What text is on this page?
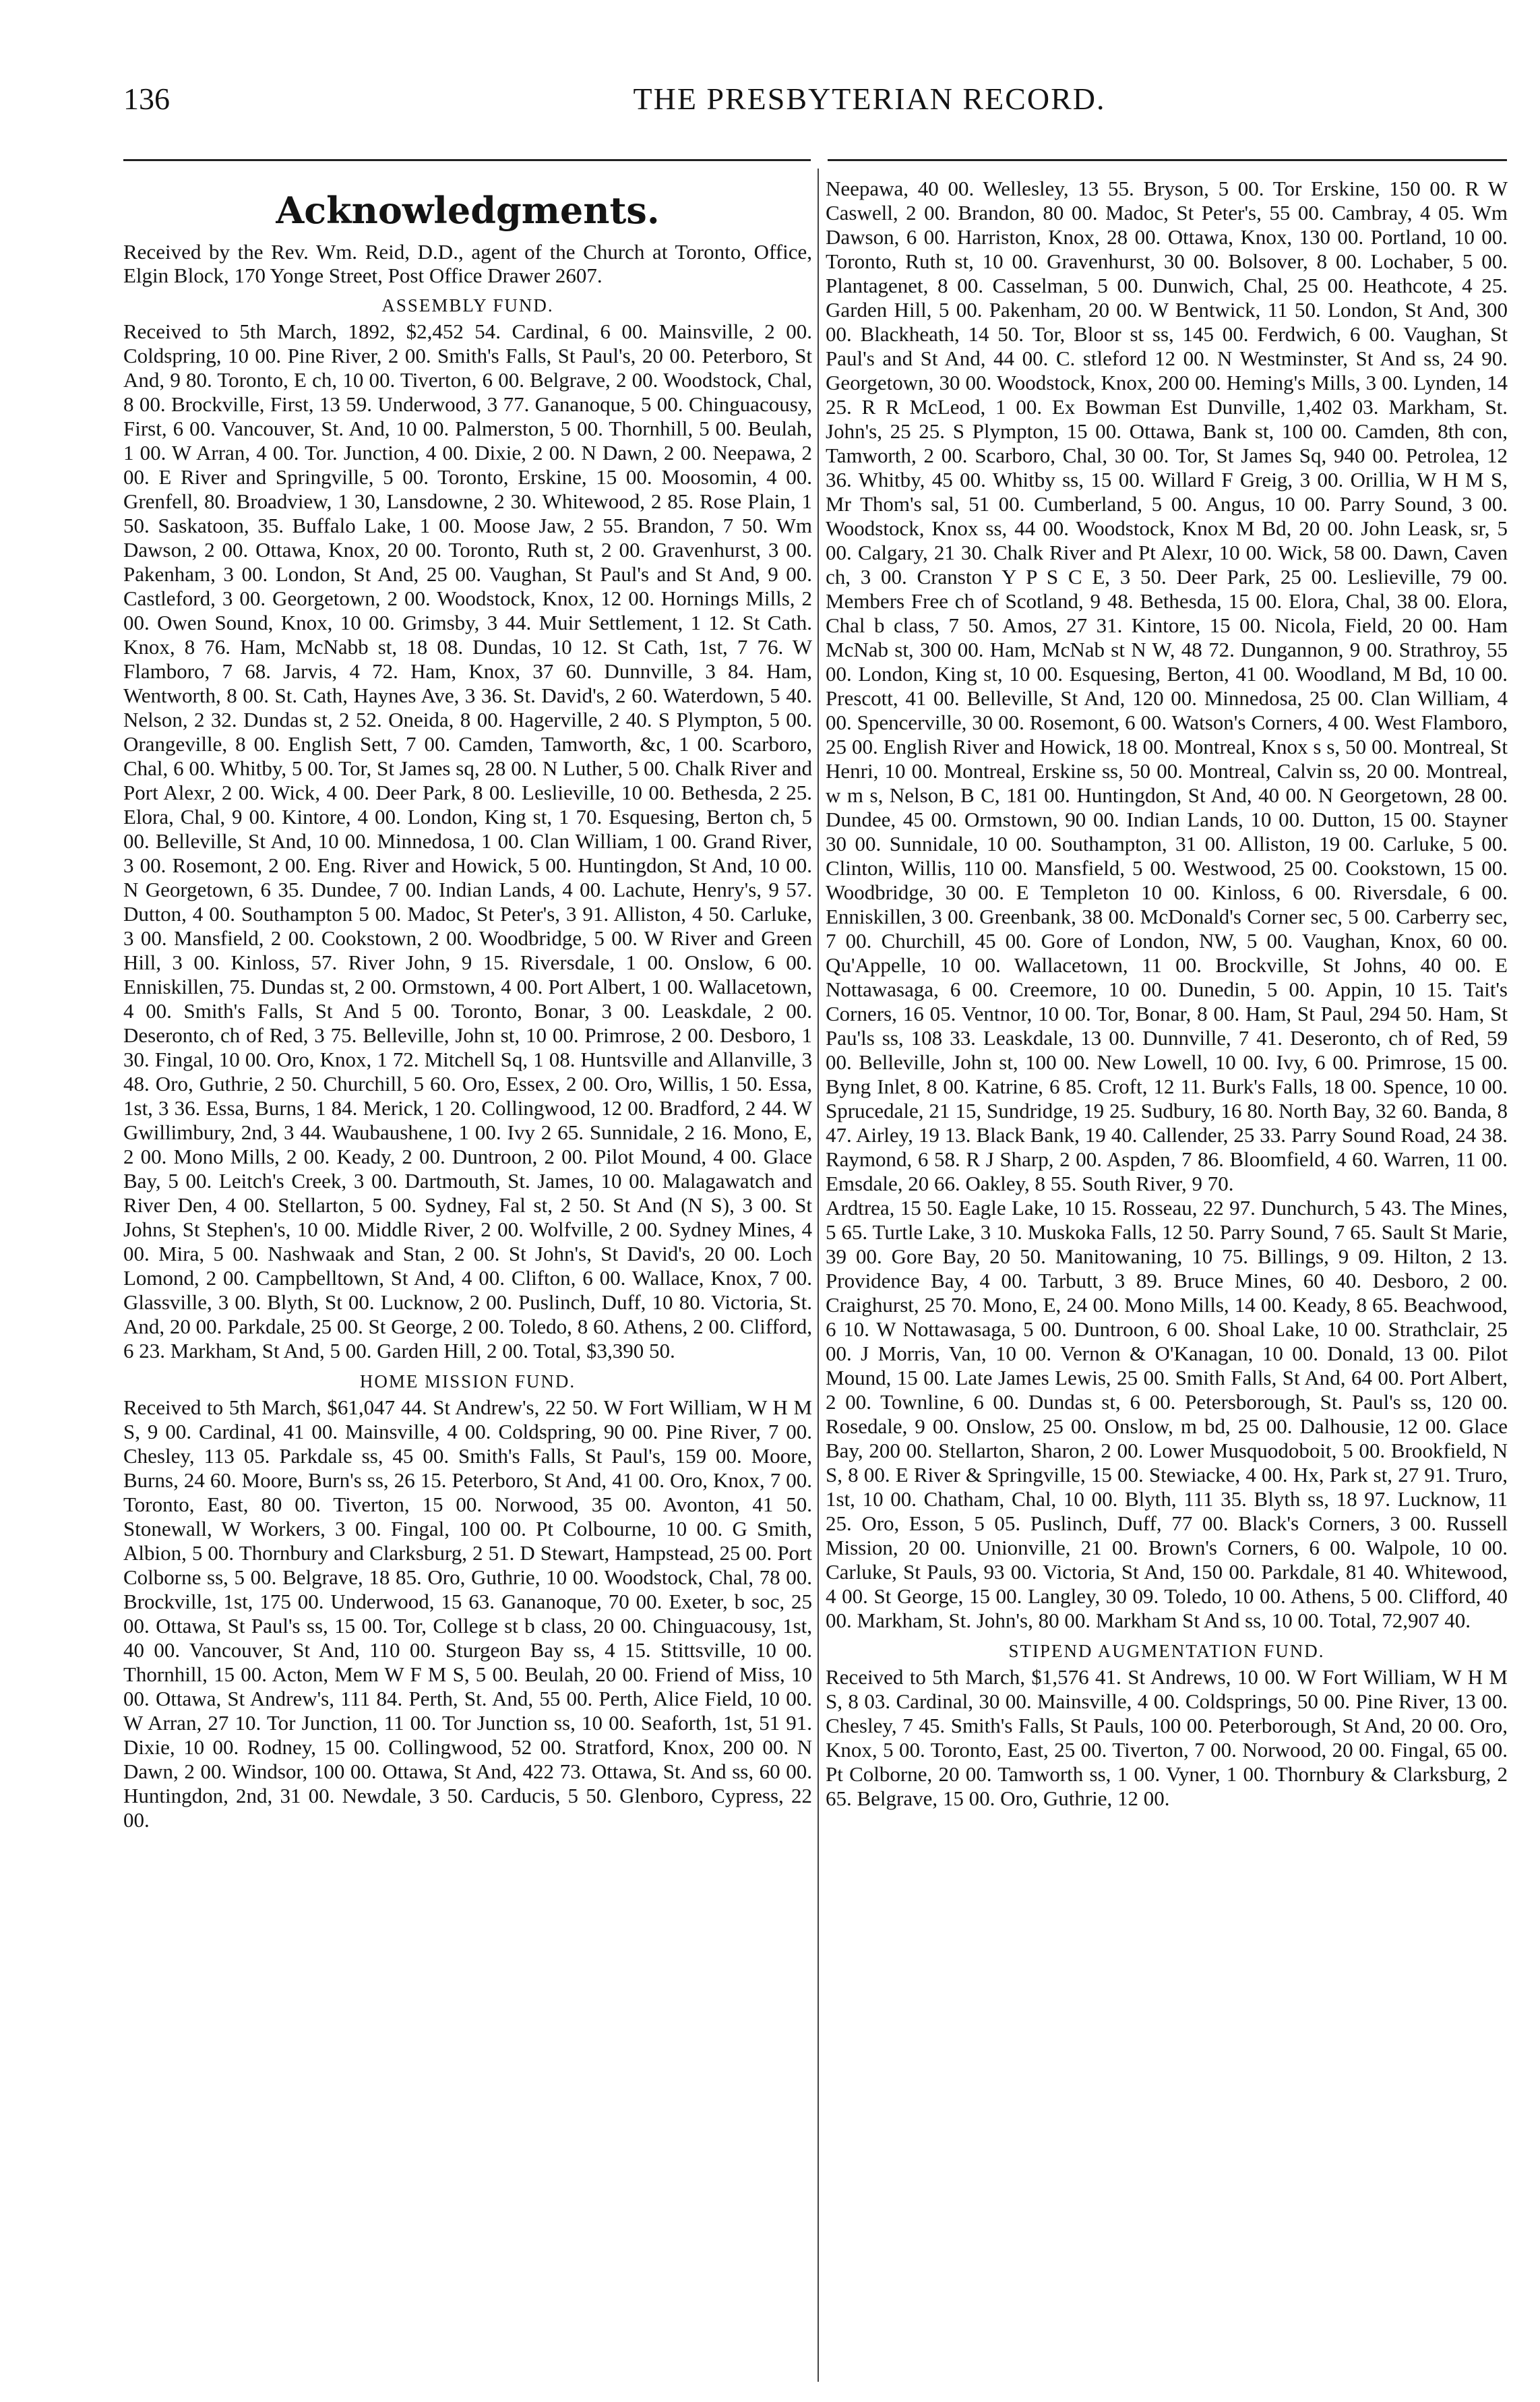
136	THE PRESBYTERIAN RECORD.
Acknowledgments.

Received by the Rev. Wm. Reid, D.D., agent of the Church at Toronto, Office, Elgin Block, 170 Yonge Street, Post Office Drawer 2607.

ASSEMBLY FUND.

Received to 5th March, 1892, $2,452 54. Cardinal, 6 00. Mainsville, 2 00. Coldspring, 10 00. Pine River, 2 00. Smith's Falls, St Paul's, 20 00. Peterboro, St And, 9 80. Toronto, E ch, 10 00. Tiverton, 6 00. Belgrave, 2 00. Woodstock, Chal, 8 00. Brockville, First, 13 59. Underwood, 3 77. Gananoque, 5 00. Chinguacousy, First, 6 00. Vancouver, St. And, 10 00. Palmerston, 5 00. Thornhill, 5 00. Beulah, 1 00. W Arran, 4 00. Tor. Junction, 4 00. Dixie, 2 00. N Dawn, 2 00. Neepawa, 2 00. E River and Springville, 5 00. Toronto, Erskine, 15 00. Moosomin, 4 00. Grenfell, 80. Broadview, 1 30, Lansdowne, 2 30. Whitewood, 2 85. Rose Plain, 1 50. Saskatoon, 35. Buffalo Lake, 1 00. Moose Jaw, 2 55. Brandon, 7 50. Wm Dawson, 2 00. Ottawa, Knox, 20 00. Toronto, Ruth st, 2 00. Gravenhurst, 3 00. Pakenham, 3 00. London, St And, 25 00. Vaughan, St Paul's and St And, 9 00. Castleford, 3 00. Georgetown, 2 00. Woodstock, Knox, 12 00. Hornings Mills, 2 00. Owen Sound, Knox, 10 00. Grimsby, 3 44. Muir Settlement, 1 12. St Cath. Knox, 8 76. Ham, McNabb st, 18 08. Dundas, 10 12. St Cath, 1st, 7 76. W Flamboro, 7 68. Jarvis, 4 72. Ham, Knox, 37 60. Dunnville, 3 84. Ham, Wentworth, 8 00. St. Cath, Haynes Ave, 3 36. St. David's, 2 60. Waterdown, 5 40. Nelson, 2 32. Dundas st, 2 52. Oneida, 8 00. Hagerville, 2 40. S Plympton, 5 00. Orangeville, 8 00. English Sett, 7 00. Camden, Tamworth, &c, 1 00. Scarboro, Chal, 6 00. Whitby, 5 00. Tor, St James sq, 28 00. N Luther, 5 00. Chalk River and Port Alexr, 2 00. Wick, 4 00. Deer Park, 8 00. Leslieville, 10 00. Bethesda, 2 25. Elora, Chal, 9 00. Kintore, 4 00. London, King st, 1 70. Esquesing, Berton ch, 5 00. Belleville, St And, 10 00. Minnedosa, 1 00. Clan William, 1 00. Grand River, 3 00. Rosemont, 2 00. Eng. River and Howick, 5 00. Huntingdon, St And, 10 00. N Georgetown, 6 35. Dundee, 7 00. Indian Lands, 4 00. Lachute, Henry's, 9 57. Dutton, 4 00. Southampton 5 00. Madoc, St Peter's, 3 91. Alliston, 4 50. Carluke, 3 00. Mansfield, 2 00. Cookstown, 2 00. Woodbridge, 5 00. W River and Green Hill, 3 00. Kinloss, 57. River John, 9 15. Riversdale, 1 00. Onslow, 6 00. Enniskillen, 75. Dundas st, 2 00. Ormstown, 4 00. Port Albert, 1 00. Wallacetown, 4 00. Smith's Falls, St And 5 00. Toronto, Bonar, 3 00. Leaskdale, 2 00. Deseronto, ch of Red, 3 75. Belleville, John st, 10 00. Primrose, 2 00. Desboro, 1 30. Fingal, 10 00. Oro, Knox, 1 72. Mitchell Sq, 1 08. Huntsville and Allanville, 3 48. Oro, Guthrie, 2 50. Churchill, 5 60. Oro, Essex, 2 00. Oro, Willis, 1 50. Essa, 1st, 3 36. Essa, Burns, 1 84. Merick, 1 20. Collingwood, 12 00. Bradford, 2 44. W Gwillimbury, 2nd, 3 44. Waubaushene, 1 00. Ivy 2 65. Sunnidale, 2 16. Mono, E, 2 00. Mono Mills, 2 00. Keady, 2 00. Duntroon, 2 00. Pilot Mound, 4 00. Glace Bay, 5 00. Leitch's Creek, 3 00. Dartmouth, St. James, 10 00. Malagawatch and River Den, 4 00. Stellarton, 5 00. Sydney, Fal st, 2 50. St And (N S), 3 00. St Johns, St Stephen's, 10 00. Middle River, 2 00. Wolfville, 2 00. Sydney Mines, 4 00. Mira, 5 00. Nashwaak and Stan, 2 00. St John's, St David's, 20 00. Loch Lomond, 2 00. Campbelltown, St And, 4 00. Clifton, 6 00. Wallace, Knox, 7 00. Glassville, 3 00. Blyth, St 00. Lucknow, 2 00. Puslinch, Duff, 10 80. Victoria, St. And, 20 00. Parkdale, 25 00. St George, 2 00. Toledo, 8 60. Athens, 2 00. Clifford, 6 23. Markham, St And, 5 00. Garden Hill, 2 00. Total, $3,390 50.

HOME MISSION FUND.

Received to 5th March, $61,047 44. St Andrew's, 22 50. W Fort William, W H M S, 9 00. Cardinal, 41 00. Mainsville, 4 00. Coldspring, 90 00. Pine River, 7 00. Chesley, 113 05. Parkdale ss, 45 00. Smith's Falls, St Paul's, 159 00. Moore, Burns, 24 60. Moore, Burn's ss, 26 15. Peterboro, St And, 41 00. Oro, Knox, 7 00. Toronto, East, 80 00. Tiverton, 15 00. Norwood, 35 00. Avonton, 41 50. Stonewall, W Workers, 3 00. Fingal, 100 00. Pt Colbourne, 10 00. G Smith, Albion, 5 00. Thornbury and Clarksburg, 2 51. D Stewart, Hampstead, 25 00. Port Colborne ss, 5 00. Belgrave, 18 85. Oro, Guthrie, 10 00. Woodstock, Chal, 78 00. Brockville, 1st, 175 00. Underwood, 15 63. Gananoque, 70 00. Exeter, b soc, 25 00. Ottawa, St Paul's ss, 15 00. Tor, College st b class, 20 00. Chinguacousy, 1st, 40 00. Vancouver, St And, 110 00. Sturgeon Bay ss, 4 15. Stittsville, 10 00. Thornhill, 15 00. Acton, Mem W F M S, 5 00. Beulah, 20 00. Friend of Miss, 10 00. Ottawa, St Andrew's, 111 84. Perth, St. And, 55 00. Perth, Alice Field, 10 00. W Arran, 27 10. Tor Junction, 11 00. Tor Junction ss, 10 00. Seaforth, 1st, 51 91. Dixie, 10 00. Rodney, 15 00. Collingwood, 52 00. Stratford, Knox, 200 00. N Dawn, 2 00. Windsor, 100 00. Ottawa, St And, 422 73. Ottawa, St. And ss, 60 00. Huntingdon, 2nd, 31 00. Newdale, 3 50. Carducis, 5 50. Glenboro, Cypress, 22 00.

Neepawa, 40 00. Wellesley, 13 55. Bryson, 5 00. Tor Erskine, 150 00. R W Caswell, 2 00. Brandon, 80 00. Madoc, St Peter's, 55 00. Cambray, 4 05. Wm Dawson, 6 00. Harriston, Knox, 28 00. Ottawa, Knox, 130 00. Portland, 10 00. Toronto, Ruth st, 10 00. Gravenhurst, 30 00. Bolsover, 8 00. Lochaber, 5 00. Plantagenet, 8 00. Casselman, 5 00. Dunwich, Chal, 25 00. Heathcote, 4 25. Garden Hill, 5 00. Pakenham, 20 00. W Bentwick, 11 50. London, St And, 300 00. Blackheath, 14 50. Tor, Bloor st ss, 145 00. Ferdwich, 6 00. Vaughan, St Paul's and St And, 44 00. C. stleford 12 00. N Westminster, St And ss, 24 90. Georgetown, 30 00. Woodstock, Knox, 200 00. Heming's Mills, 3 00. Lynden, 14 25. R R McLeod, 1 00. Ex Bowman Est Dunville, 1,402 03. Markham, St. John's, 25 25. S Plympton, 15 00. Ottawa, Bank st, 100 00. Camden, 8th con, Tamworth, 2 00. Scarboro, Chal, 30 00. Tor, St James Sq, 940 00. Petrolea, 12 36. Whitby, 45 00. Whitby ss, 15 00. Willard F Greig, 3 00. Orillia, W H M S, Mr Thom's sal, 51 00. Cumberland, 5 00. Angus, 10 00. Parry Sound, 3 00. Woodstock, Knox ss, 44 00. Woodstock, Knox M Bd, 20 00. John Leask, sr, 5 00. Calgary, 21 30. Chalk River and Pt Alexr, 10 00. Wick, 58 00. Dawn, Caven ch, 3 00. Cranston Y P S C E, 3 50. Deer Park, 25 00. Leslieville, 79 00. Members Free ch of Scotland, 9 48. Bethesda, 15 00. Elora, Chal, 38 00. Elora, Chal b class, 7 50. Amos, 27 31. Kintore, 15 00. Nicola, Field, 20 00. Ham McNab st, 300 00. Ham, McNab st N W, 48 72. Dungannon, 9 00. Strathroy, 55 00. London, King st, 10 00. Esquesing, Berton, 41 00. Woodland, M Bd, 10 00. Prescott, 41 00. Belleville, St And, 120 00. Minnedosa, 25 00. Clan William, 4 00. Spencerville, 30 00. Rosemont, 6 00. Watson's Corners, 4 00. West Flamboro, 25 00. English River and Howick, 18 00. Montreal, Knox s s, 50 00. Montreal, St Henri, 10 00. Montreal, Erskine ss, 50 00. Montreal, Calvin ss, 20 00. Montreal, w m s, Nelson, B C, 181 00. Huntingdon, St And, 40 00. N Georgetown, 28 00. Dundee, 45 00. Ormstown, 90 00. Indian Lands, 10 00. Dutton, 15 00. Stayner 30 00. Sunnidale, 10 00. Southampton, 31 00. Alliston, 19 00. Carluke, 5 00. Clinton, Willis, 110 00. Mansfield, 5 00. Westwood, 25 00. Cookstown, 15 00. Woodbridge, 30 00. E Templeton 10 00. Kinloss, 6 00. Riversdale, 6 00. Enniskillen, 3 00. Greenbank, 38 00. McDonald's Corner sec, 5 00. Carberry sec, 7 00. Churchill, 45 00. Gore of London, NW, 5 00. Vaughan, Knox, 60 00. Qu'Appelle, 10 00. Wallacetown, 11 00. Brockville, St Johns, 40 00. E Nottawasaga, 6 00. Creemore, 10 00. Dunedin, 5 00. Appin, 10 15. Tait's Corners, 16 05. Ventnor, 10 00. Tor, Bonar, 8 00. Ham, St Paul, 294 50. Ham, St Pau'ls ss, 108 33. Leaskdale, 13 00. Dunnville, 7 41. Deseronto, ch of Red, 59 00. Belleville, John st, 100 00. New Lowell, 10 00. Ivy, 6 00. Primrose, 15 00. Byng Inlet, 8 00. Katrine, 6 85. Croft, 12 11. Burk's Falls, 18 00. Spence, 10 00. Sprucedale, 21 15, Sundridge, 19 25. Sudbury, 16 80. North Bay, 32 60. Banda, 8 47. Airley, 19 13. Black Bank, 19 40. Callender, 25 33. Parry Sound Road, 24 38. Raymond, 6 58. R J Sharp, 2 00. Aspden, 7 86. Bloomfield, 4 60. Warren, 11 00. Emsdale, 20 66. Oakley, 8 55. South River, 9 70.

Ardtrea, 15 50. Eagle Lake, 10 15. Rosseau, 22 97. Dunchurch, 5 43. The Mines, 5 65. Turtle Lake, 3 10. Muskoka Falls, 12 50. Parry Sound, 7 65. Sault St Marie, 39 00. Gore Bay, 20 50. Manitowaning, 10 75. Billings, 9 09. Hilton, 2 13. Providence Bay, 4 00. Tarbutt, 3 89. Bruce Mines, 60 40. Desboro, 2 00. Craighurst, 25 70. Mono, E, 24 00. Mono Mills, 14 00. Keady, 8 65. Beachwood, 6 10. W Nottawasaga, 5 00. Duntroon, 6 00. Shoal Lake, 10 00. Strathclair, 25 00. J Morris, Van, 10 00. Vernon & O'Kanagan, 10 00. Donald, 13 00. Pilot Mound, 15 00. Late James Lewis, 25 00. Smith Falls, St And, 64 00. Port Albert, 2 00. Townline, 6 00. Dundas st, 6 00. Petersborough, St. Paul's ss, 120 00. Rosedale, 9 00. Onslow, 25 00. Onslow, m bd, 25 00. Dalhousie, 12 00. Glace Bay, 200 00. Stellarton, Sharon, 2 00. Lower Musquodoboit, 5 00. Brookfield, N S, 8 00. E River & Springville, 15 00. Stewiacke, 4 00. Hx, Park st, 27 91. Truro, 1st, 10 00. Chatham, Chal, 10 00. Blyth, 111 35. Blyth ss, 18 97. Lucknow, 11 25. Oro, Esson, 5 05. Puslinch, Duff, 77 00. Black's Corners, 3 00. Russell Mission, 20 00. Unionville, 21 00. Brown's Corners, 6 00. Walpole, 10 00. Carluke, St Pauls, 93 00. Victoria, St And, 150 00. Parkdale, 81 40. Whitewood, 4 00. St George, 15 00. Langley, 30 09. Toledo, 10 00. Athens, 5 00. Clifford, 40 00. Markham, St. John's, 80 00. Markham St And ss, 10 00. Total, 72,907 40.

STIPEND AUGMENTATION FUND.

Received to 5th March, $1,576 41. St Andrews, 10 00. W Fort William, W H M S, 8 03. Cardinal, 30 00. Mainsville, 4 00. Coldsprings, 50 00. Pine River, 13 00. Chesley, 7 45. Smith's Falls, St Pauls, 100 00. Peterborough, St And, 20 00. Oro, Knox, 5 00. Toronto, East, 25 00. Tiverton, 7 00. Norwood, 20 00. Fingal, 65 00. Pt Colborne, 20 00. Tamworth ss, 1 00. Vyner, 1 00. Thornbury & Clarksburg, 2 65. Belgrave, 15 00. Oro, Guthrie, 12 00.
